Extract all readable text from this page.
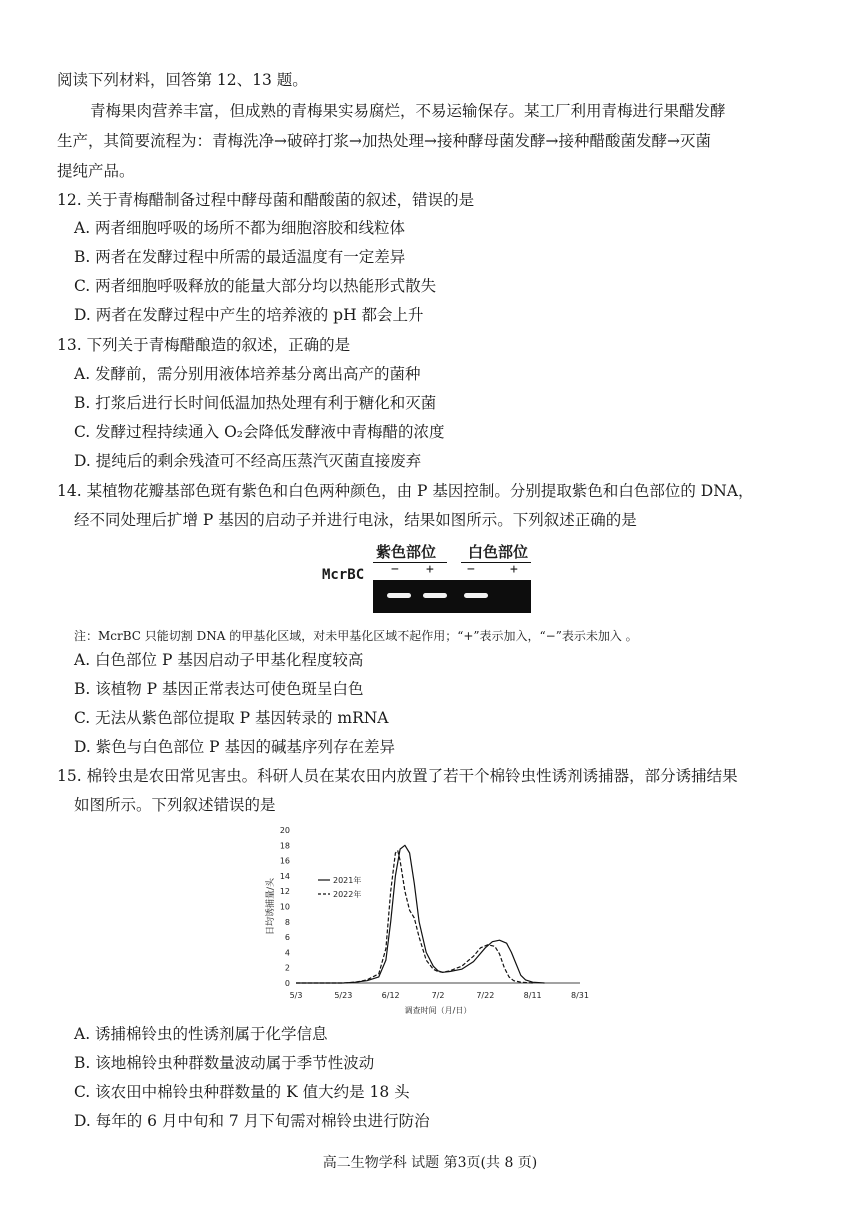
阅读下列材料，回答第 12、13 题。
青梅果肉营养丰富，但成熟的青梅果实易腐烂，不易运输保存。某工厂利用青梅进行果醋发酵
生产，其简要流程为：青梅洗净→破碎打浆→加热处理→接种酵母菌发酵→接种醋酸菌发酵→灭菌
提纯产品。
12. 关于青梅醋制备过程中酵母菌和醋酸菌的叙述，错误的是
A. 两者细胞呼吸的场所不都为细胞溶胶和线粒体
B. 两者在发酵过程中所需的最适温度有一定差异
C. 两者细胞呼吸释放的能量大部分均以热能形式散失
D. 两者在发酵过程中产生的培养液的 pH 都会上升
13. 下列关于青梅醋酿造的叙述，正确的是
A. 发酵前，需分别用液体培养基分离出高产的菌种
B. 打浆后进行长时间低温加热处理有利于糖化和灭菌
C. 发酵过程持续通入 O₂会降低发酵液中青梅醋的浓度
D. 提纯后的剩余残渣可不经高压蒸汽灭菌直接废弃
14. 某植物花瓣基部色斑有紫色和白色两种颜色，由 P 基因控制。分别提取紫色和白色部位的 DNA，
经不同处理后扩增 P 基因的启动子并进行电泳，结果如图所示。下列叙述正确的是
紫色部位 白色部位
McrBC − +	−	+
注：McrBC 只能切割 DNA 的甲基化区域，对未甲基化区域不起作用；“+”表示加入，“−”表示未加入 。
A. 白色部位 P 基因启动子甲基化程度较高
B. 该植物 P 基因正常表达可使色斑呈白色
C. 无法从紫色部位提取 P 基因转录的 mRNA
D. 紫色与白色部位 P 基因的碱基序列存在差异
15. 棉铃虫是农田常见害虫。科研人员在某农田内放置了若干个棉铃虫性诱剂诱捕器，部分诱捕结果
如图所示。下列叙述错误的是
0
2
4
6
8
10
12
14
16
18
20
5/3	5/23	6/12	7/2	7/22	8/11	8/31
调查时间（月/日）
日均诱捕量/头	2021年
2022年
A. 诱捕棉铃虫的性诱剂属于化学信息
B. 该地棉铃虫种群数量波动属于季节性波动
C. 该农田中棉铃虫种群数量的 K 值大约是 18 头
D. 每年的 6 月中旬和 7 月下旬需对棉铃虫进行防治
高二生物学科 试题 第3页(共 8 页)
